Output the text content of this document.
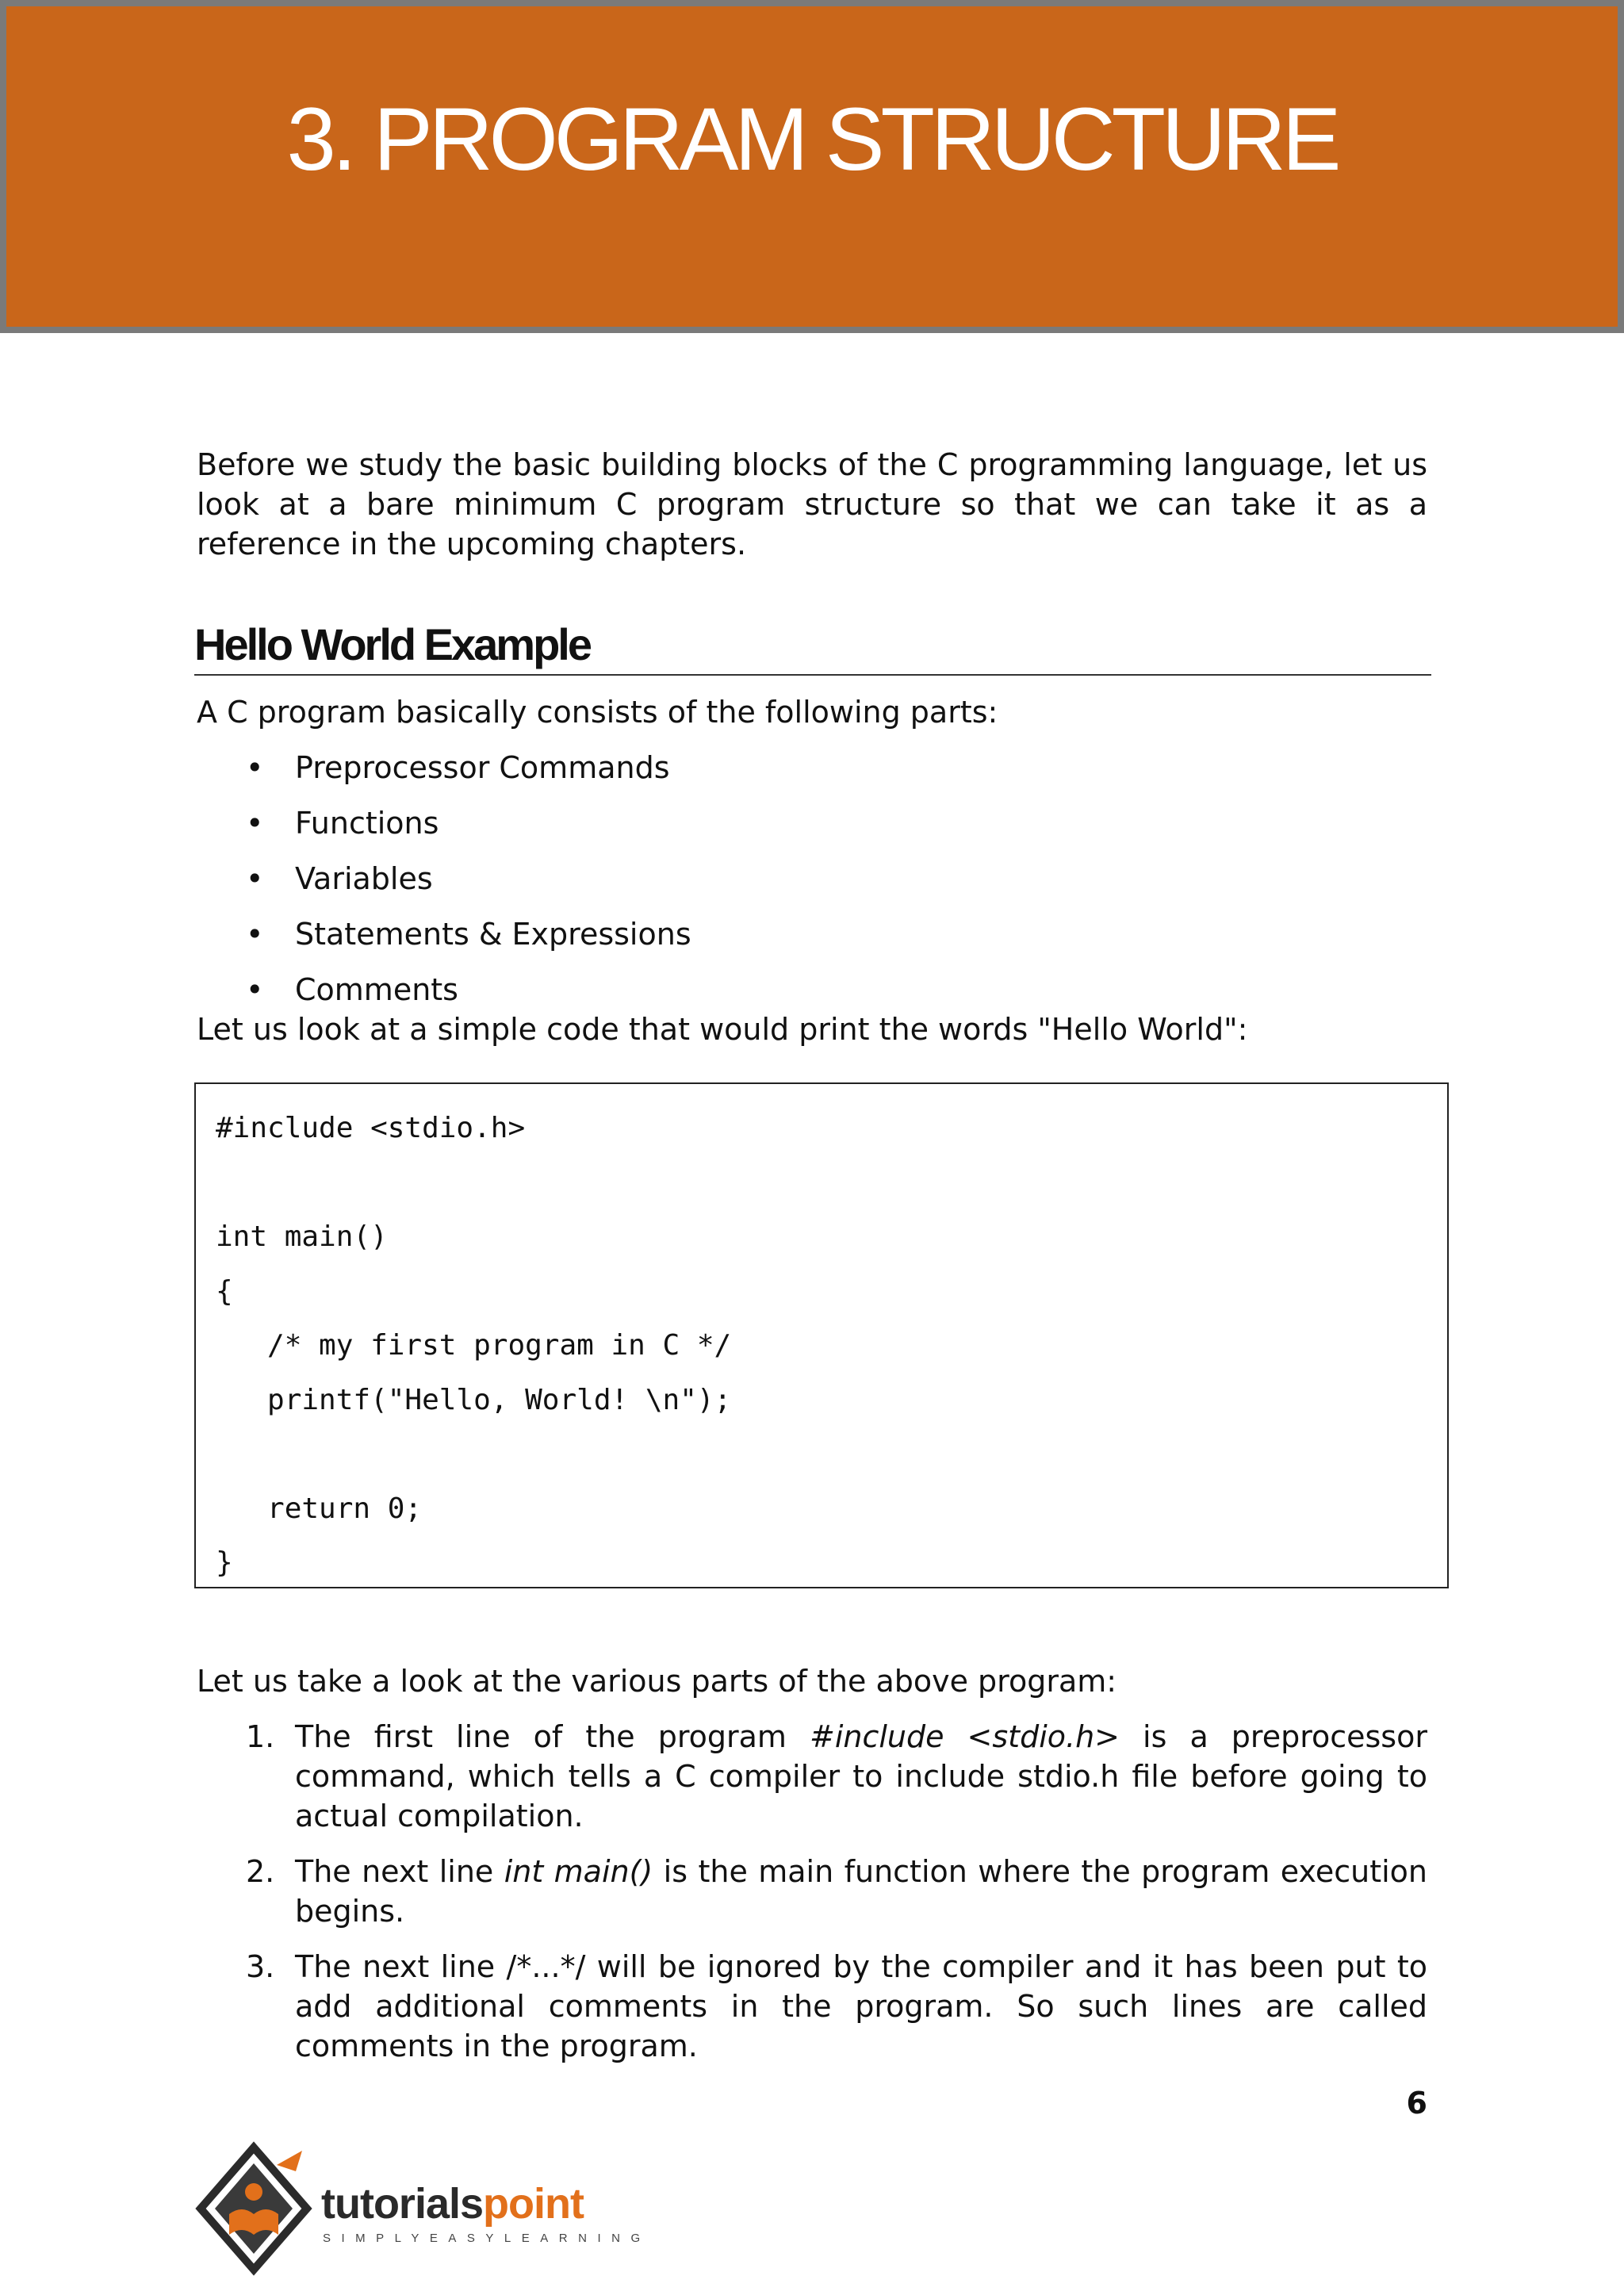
3. PROGRAM STRUCTURE

Before we study the basic building blocks of the C programming language, let us look at a bare minimum C program structure so that we can take it as a reference in the upcoming chapters.

Hello World Example

A C program basically consists of the following parts:

• Preprocessor Commands
• Functions
• Variables
• Statements & Expressions
• Comments

Let us look at a simple code that would print the words "Hello World":

#include <stdio.h>

int main()
{
/* my first program in C */
printf("Hello, World! \n");

return 0;
}

Let us take a look at the various parts of the above program:

1. The first line of the program #include <stdio.h> is a preprocessor command, which tells a C compiler to include stdio.h file before going to actual compilation.

2. The next line int main() is the main function where the program execution begins.

3. The next line /*...*/ will be ignored by the compiler and it has been put to add additional comments in the program. So such lines are called comments in the program.

6
tutorialspoint
SIMPLYEASYLEARNING
